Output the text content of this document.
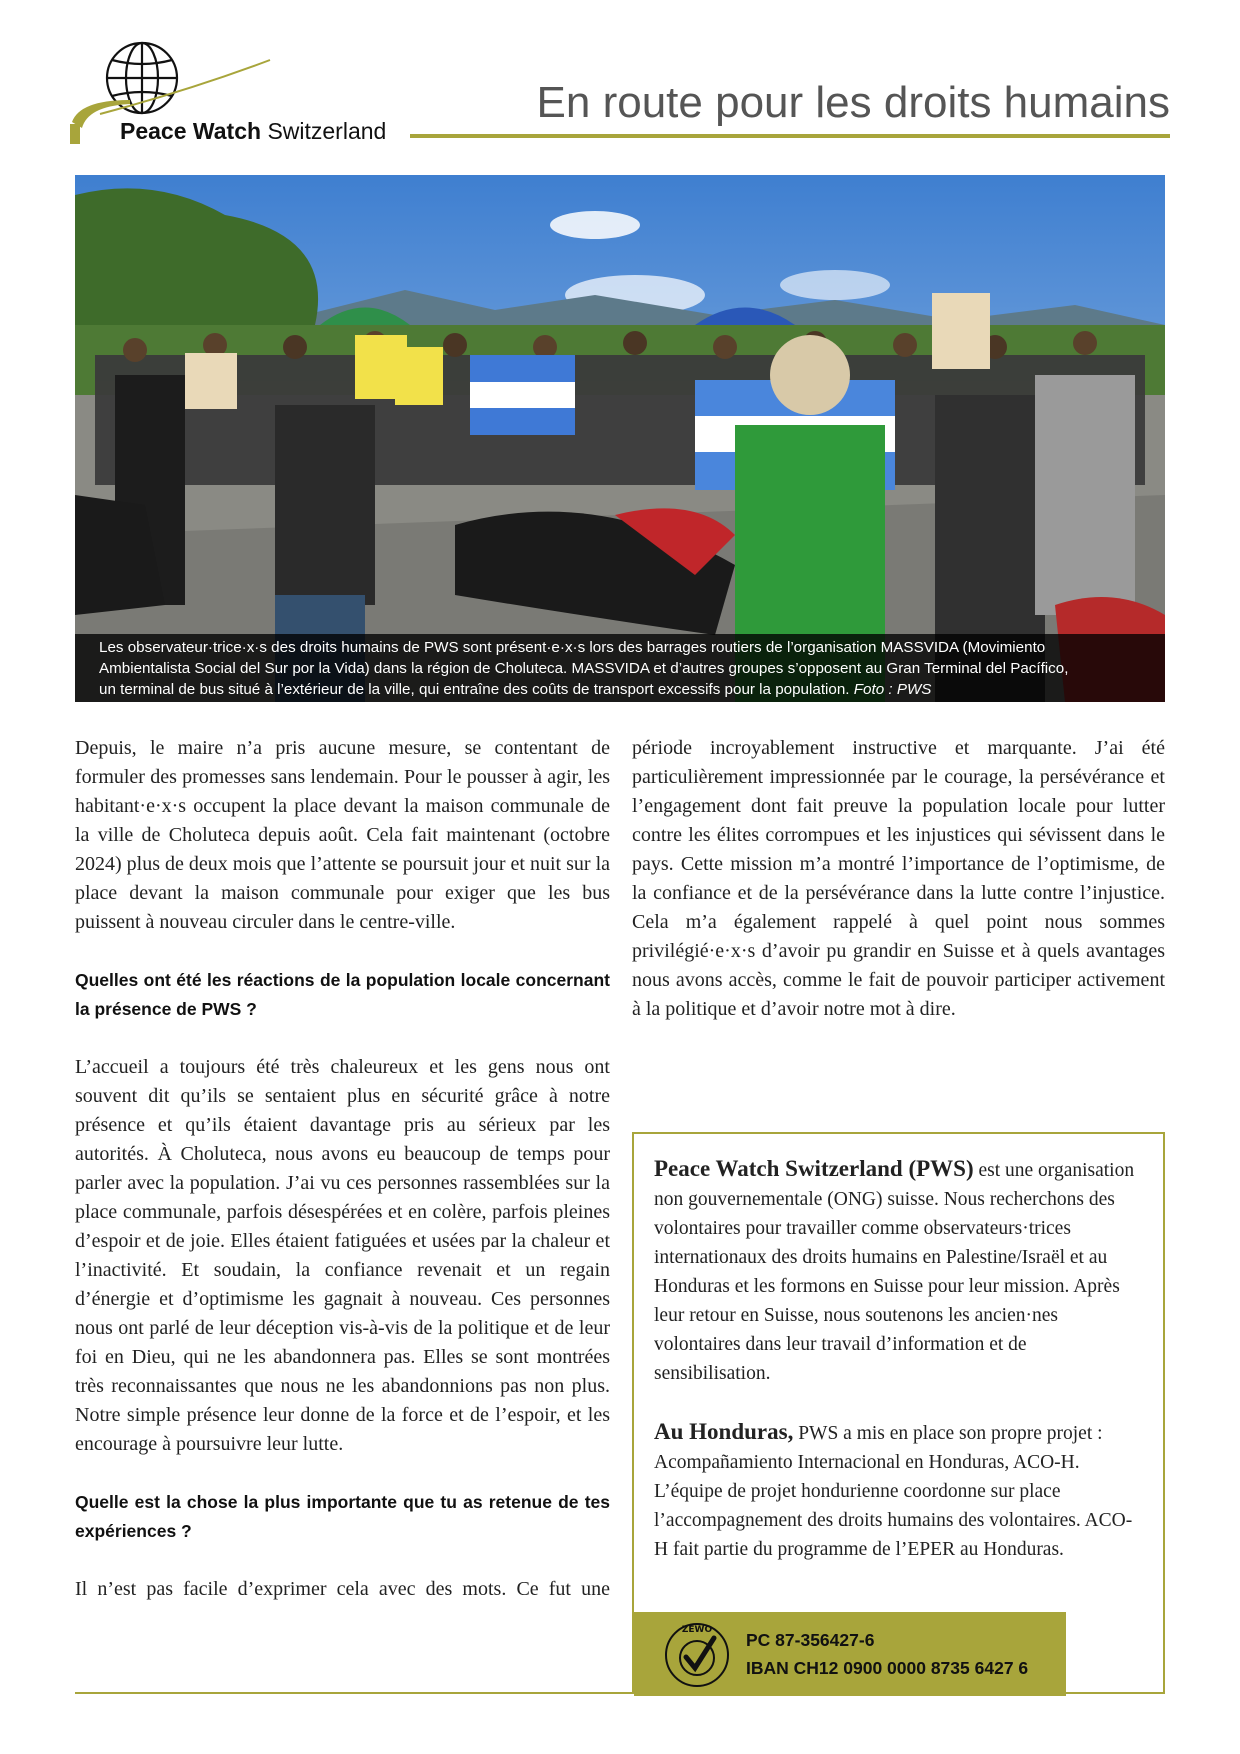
Peace Watch Switzerland
En route pour les droits humains
Les observateur·trice·x·s des droits humains de PWS sont présent·e·x·s lors des barrages routiers de l’organisation MASSVIDA (Movimiento
Ambientalista Social del Sur por la Vida) dans la région de Choluteca. MASSVIDA et d’autres groupes s’opposent au Gran Terminal del Pacífico,
un terminal de bus situé à l’extérieur de la ville, qui entraîne des coûts de transport excessifs pour la population. Foto : PWS

Depuis, le maire n’a pris aucune mesure, se contentant de formuler des promesses sans lendemain. Pour le pousser à agir, les habitant·e·x·s occupent la place devant la maison communale de la ville de Choluteca depuis août. Cela fait maintenant (octobre 2024) plus de deux mois que l’attente se poursuit jour et nuit sur la place devant la maison communale pour exiger que les bus puissent à nouveau circuler dans le centre-ville.

Quelles ont été les réactions de la population locale concernant la présence de PWS ?

L’accueil a toujours été très chaleureux et les gens nous ont souvent dit qu’ils se sentaient plus en sécurité grâce à notre présence et qu’ils étaient davantage pris au sérieux par les autorités. À Choluteca, nous avons eu beaucoup de temps pour parler avec la population. J’ai vu ces personnes rassemblées sur la place communale, parfois désespérées et en colère, parfois pleines d’espoir et de joie. Elles étaient fatiguées et usées par la chaleur et l’inactivité. Et soudain, la confiance revenait et un regain d’énergie et d’optimisme les gagnait à nouveau. Ces personnes nous ont parlé de leur déception vis-à-vis de la politique et de leur foi en Dieu, qui ne les abandonnera pas. Elles se sont montrées très reconnaissantes que nous ne les abandonnions pas non plus. Notre simple présence leur donne de la force et de l’espoir, et les encourage à poursuivre leur lutte.

Quelle est la chose la plus importante que tu as retenue de tes expériences ?

Il n’est pas facile d’exprimer cela avec des mots. Ce fut une

période incroyablement instructive et marquante. J’ai été particulièrement impressionnée par le courage, la persévérance et l’engagement dont fait preuve la population locale pour lutter contre les élites corrompues et les injustices qui sévissent dans le pays. Cette mission m’a montré l’importance de l’optimisme, de la confiance et de la persévérance dans la lutte contre l’injustice. Cela m’a également rappelé à quel point nous sommes privilégié·e·x·s d’avoir pu grandir en Suisse et à quels avantages nous avons accès, comme le fait de pouvoir participer activement à la politique et d’avoir notre mot à dire.

Peace Watch Switzerland (PWS) est une organisation non gouvernementale (ONG) suisse. Nous recherchons des volontaires pour travailler comme observateurs·trices internationaux des droits humains en Palestine/Israël et au Honduras et les formons en Suisse pour leur mission. Après leur retour en Suisse, nous soutenons les ancien·nes volontaires dans leur travail d’information et de sensibilisation.

Au Honduras, PWS a mis en place son propre projet : Acompañamiento Internacional en Honduras, ACO-H. L’équipe de projet hondurienne coordonne sur place l’accompagnement des droits humains des volontaires. ACO-H fait partie du programme de l’EPER au Honduras.

ZEWO PC 87-356427-6
IBAN CH12 0900 0000 8735 6427 6
